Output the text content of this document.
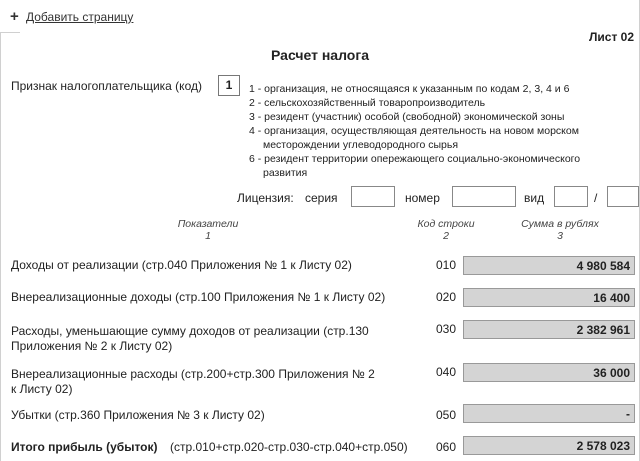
+ Добавить страницу
Лист 02
Расчет налога
Признак налогоплательщика (код)	1	1 - организация, не относящаяся к указанным по кодам 2, 3, 4 и 6
2 - сельскохозяйственный товаропроизводитель
3 - резидент (участник) особой (свободной) экономической зоны
4 - организация, осуществляющая деятельность на новом морском
месторождении углеводородного сырья
6 - резидент территории опережающего социально-экономического
развития
Лицензия: серия	номер	вид	/
Показатели
1
Код строки
2
Сумма в рублях
3
Доходы от реализации (стр.040 Приложения № 1 к Листу 02)	010	4 980 584
Внереализационные доходы (стр.100 Приложения № 1 к Листу 02)	020	16 400
Расходы, уменьшающие сумму доходов от реализации (стр.130
Приложения № 2 к Листу 02)
030	2 382 961
Внереализационные расходы (стр.200+стр.300 Приложения № 2
к Листу 02)
040	36 000
Убытки (стр.360 Приложения № 3 к Листу 02)	050	-
Итого прибыль (убыток) (стр.010+стр.020-стр.030-стр.040+стр.050) 060	2 578 023
